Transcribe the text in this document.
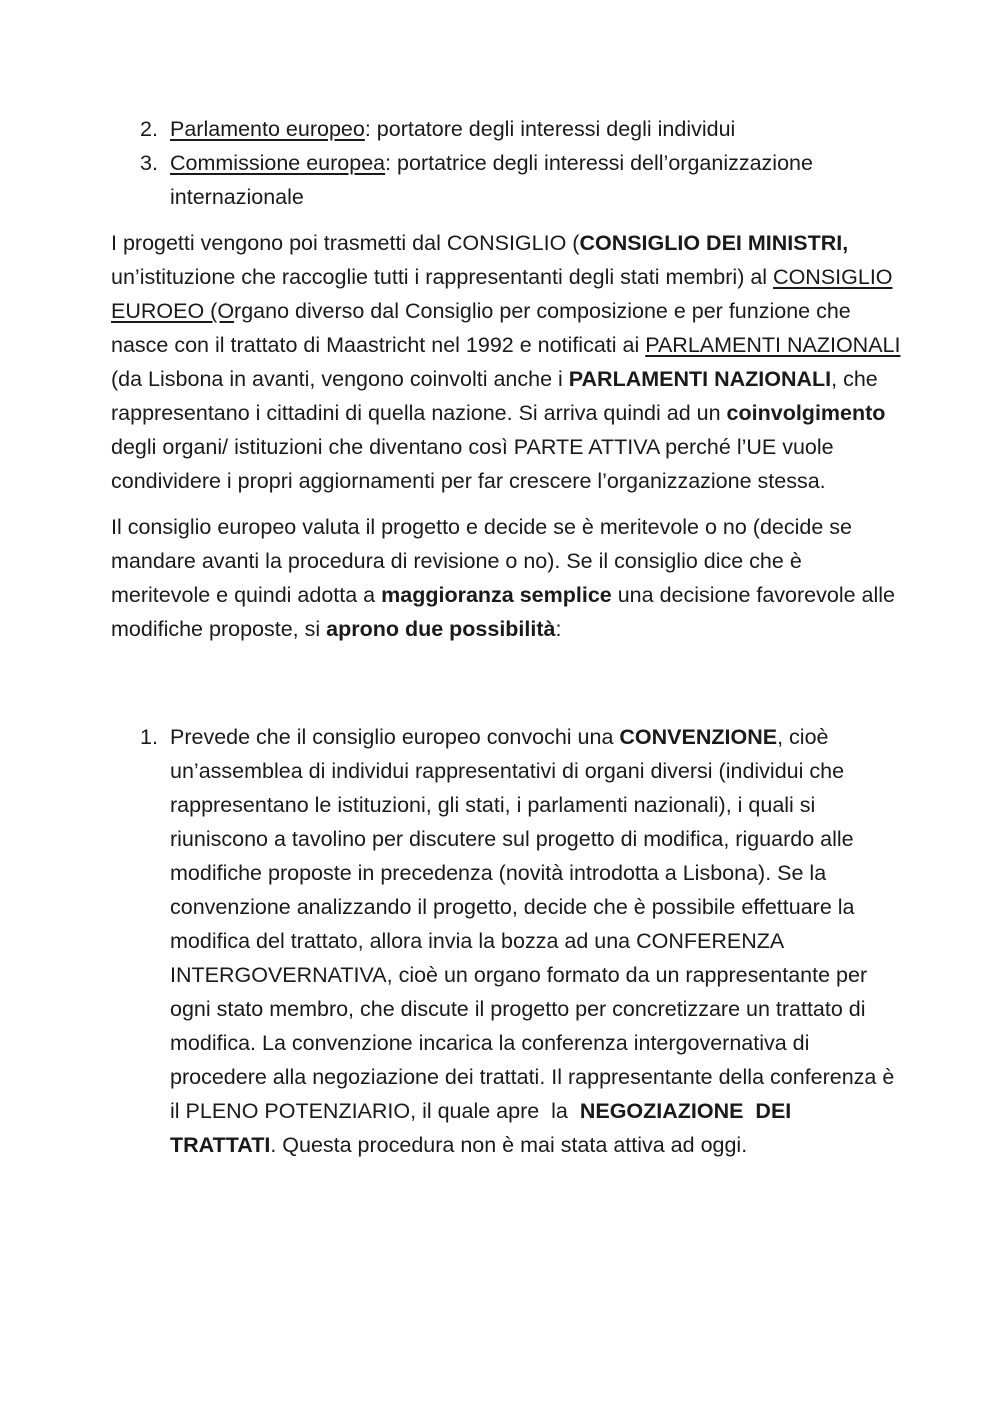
2. Parlamento europeo: portatore degli interessi degli individui
3. Commissione europea: portatrice degli interessi dell’organizzazione internazionale
I progetti vengono poi trasmetti dal CONSIGLIO (CONSIGLIO DEI MINISTRI, un’istituzione che raccoglie tutti i rappresentanti degli stati membri) al CONSIGLIO EUROEO (Organo diverso dal Consiglio per composizione e per funzione che nasce con il trattato di Maastricht nel 1992 e notificati ai PARLAMENTI NAZIONALI (da Lisbona in avanti, vengono coinvolti anche i PARLAMENTI NAZIONALI, che rappresentano i cittadini di quella nazione. Si arriva quindi ad un coinvolgimento degli organi/ istituzioni che diventano così PARTE ATTIVA perché l’UE vuole condividere i propri aggiornamenti per far crescere l’organizzazione stessa.
Il consiglio europeo valuta il progetto e decide se è meritevole o no (decide se mandare avanti la procedura di revisione o no). Se il consiglio dice che è meritevole e quindi adotta a maggioranza semplice una decisione favorevole alle modifiche proposte, si aprono due possibilità:
1. Prevede che il consiglio europeo convochi una CONVENZIONE, cioè un’assemblea di individui rappresentativi di organi diversi (individui che rappresentano le istituzioni, gli stati, i parlamenti nazionali), i quali si riuniscono a tavolino per discutere sul progetto di modifica, riguardo alle modifiche proposte in precedenza (novità introdotta a Lisbona). Se la convenzione analizzando il progetto, decide che è possibile effettuare la modifica del trattato, allora invia la bozza ad una CONFERENZA INTERGOVERNATIVA, cioè un organo formato da un rappresentante per ogni stato membro, che discute il progetto per concretizzare un trattato di modifica. La convenzione incarica la conferenza intergovernativa di procedere alla negoziazione dei trattati. Il rappresentante della conferenza è il PLENO POTENZIARIO, il quale apre  la  NEGOZIAZIONE  DEI TRATTATI. Questa procedura non è mai stata attiva ad oggi.
